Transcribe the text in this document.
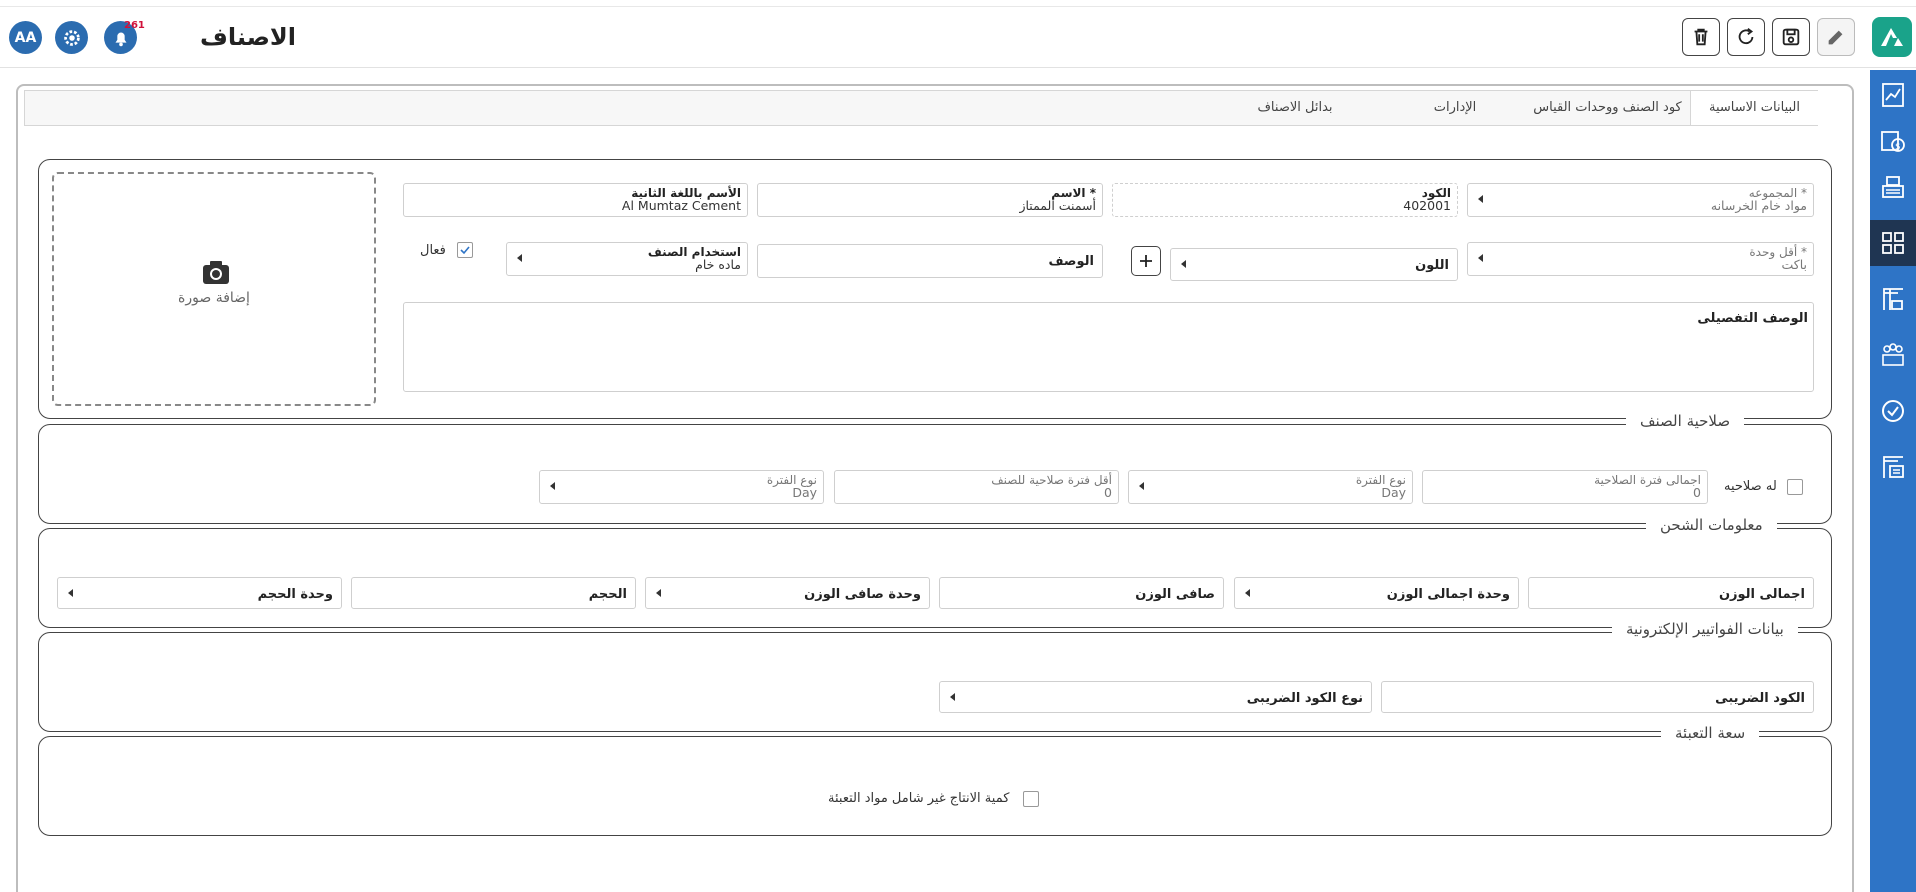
الاصناف
261
AA
$
البيانات الاساسية
كود الصنف ووحدات القياس
الإدارات
بدائل الاصناف
إضافة صورة
المجموعه *
مواد خام الخرسانه
الكود
402001
الاسم *
أسمنت الممتاز
الأسم باللغة الثانية
Al Mumtaz Cement
أقل وحدة *
باكت
اللون
الوصف
استخدام الصنف
ماده خام
فعال
الوصف التفصيلى
صلاحية الصنف
له صلاحيه
اجمالى فترة الصلاحية
0
نوع الفترة
Day
أقل فترة صلاحية للصنف
0
نوع الفترة
Day
معلومات الشحن
اجمالى الوزن
وحدة اجمالى الوزن
صافى الوزن
وحدة صافى الوزن
الحجم
وحدة الحجم
بيانات الفواتيير الإلكترونية
الكود الضريبى
نوع الكود الضريبى
سعة التعبئة
كمية الانتاج غير شامل مواد التعبئة
